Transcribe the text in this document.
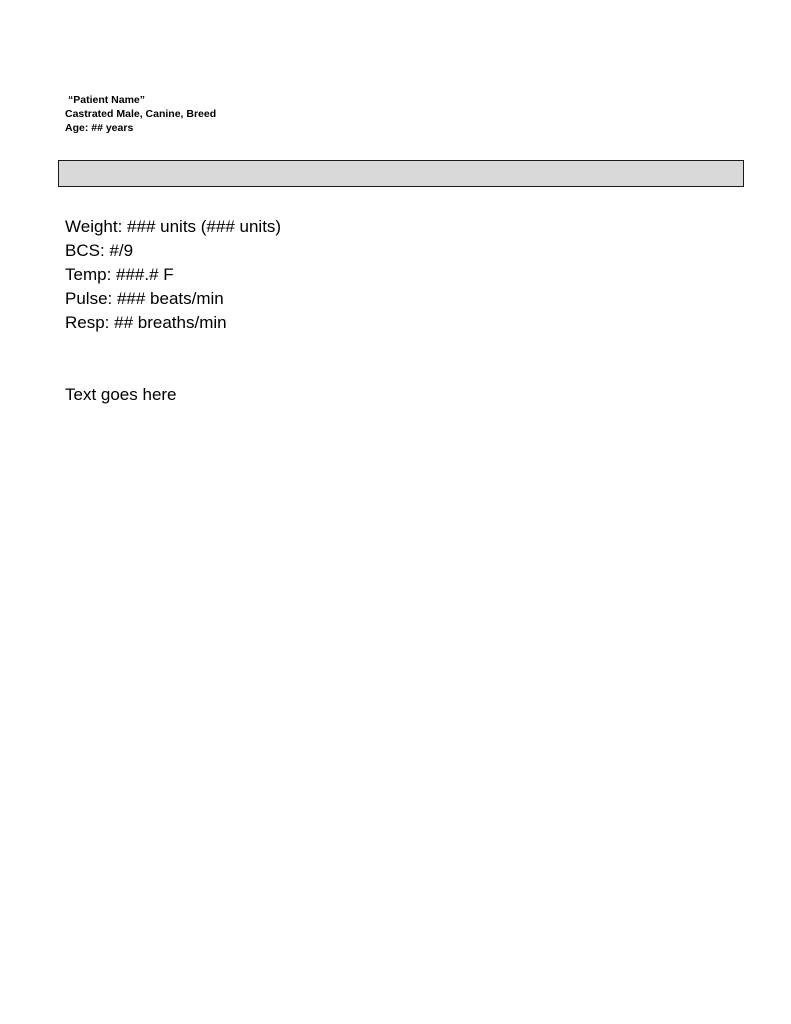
“Patient Name”
Castrated Male, Canine, Breed
Age: ## years
Weight: ### units (### units)
BCS: #/9
Temp: ###.# F
Pulse: ### beats/min
Resp: ## breaths/min
Text goes here
